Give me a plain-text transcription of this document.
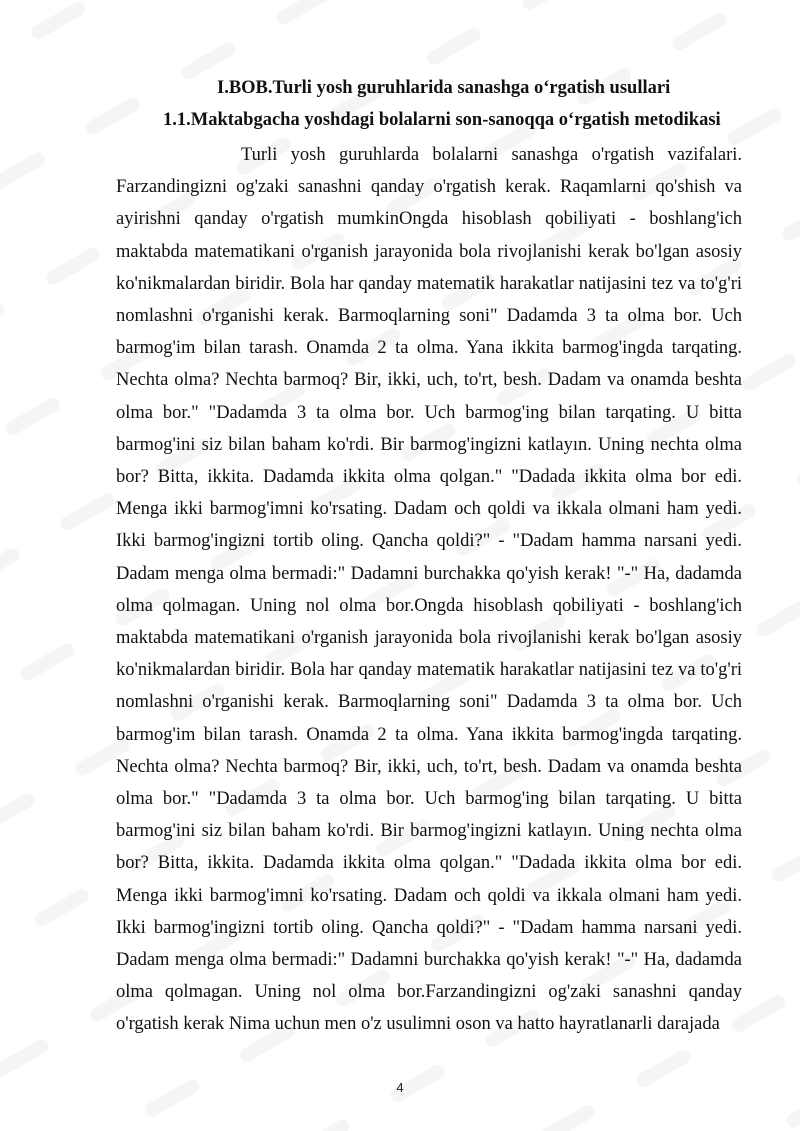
I.BOB.Turli yosh guruhlarida sanashga o‘rgatish usullari
1.1.Maktabgacha yoshdagi bolalarni son-sanoqqa o‘rgatish metodikasi

Turli yosh guruhlarda bolalarni sanashga o'rgatish vazifalari. Farzandingizni og'zaki sanashni qanday o'rgatish kerak. Raqamlarni qo'shish va ayirishni qanday o'rgatish mumkinOngda hisoblash qobiliyati - boshlang'ich maktabda matematikani o'rganish jarayonida bola rivojlanishi kerak bo'lgan asosiy ko'nikmalardan biridir. Bola har qanday matematik harakatlar natijasini tez va to'g'ri nomlashni o'rganishi kerak. Barmoqlarning soni" Dadamda 3 ta olma bor. Uch barmog'im bilan tarash. Onamda 2 ta olma. Yana ikkita barmog'ingda tarqating. Nechta olma? Nechta barmoq? Bir, ikki, uch, to'rt, besh. Dadam va onamda beshta olma bor." "Dadamda 3 ta olma bor. Uch barmog'ing bilan tarqating. U bitta barmog'ini siz bilan baham ko'rdi. Bir barmog'ingizni katlayın. Uning nechta olma bor? Bitta, ikkita. Dadamda ikkita olma qolgan." "Dadada ikkita olma bor edi. Menga ikki barmog'imni ko'rsating. Dadam och qoldi va ikkala olmani ham yedi. Ikki barmog'ingizni tortib oling. Qancha qoldi?" - "Dadam hamma narsani yedi. Dadam menga olma bermadi:" Dadamni burchakka qo'yish kerak! "-" Ha, dadamda olma qolmagan. Uning nol olma bor.Ongda hisoblash qobiliyati - boshlang'ich maktabda matematikani o'rganish jarayonida bola rivojlanishi kerak bo'lgan asosiy ko'nikmalardan biridir. Bola har qanday matematik harakatlar natijasini tez va to'g'ri nomlashni o'rganishi kerak. Barmoqlarning soni" Dadamda 3 ta olma bor. Uch barmog'im bilan tarash. Onamda 2 ta olma. Yana ikkita barmog'ingda tarqating. Nechta olma? Nechta barmoq? Bir, ikki, uch, to'rt, besh. Dadam va onamda beshta olma bor." "Dadamda 3 ta olma bor. Uch barmog'ing bilan tarqating. U bitta barmog'ini siz bilan baham ko'rdi. Bir barmog'ingizni katlayın. Uning nechta olma bor? Bitta, ikkita. Dadamda ikkita olma qolgan." "Dadada ikkita olma bor edi. Menga ikki barmog'imni ko'rsating. Dadam och qoldi va ikkala olmani ham yedi. Ikki barmog'ingizni tortib oling. Qancha qoldi?" - "Dadam hamma narsani yedi. Dadam menga olma bermadi:" Dadamni burchakka qo'yish kerak! "-" Ha, dadamda olma qolmagan. Uning nol olma bor.Farzandingizni og'zaki sanashni qanday o'rgatish kerak Nima uchun men o'z usulimni oson va hatto hayratlanarli darajada

4
